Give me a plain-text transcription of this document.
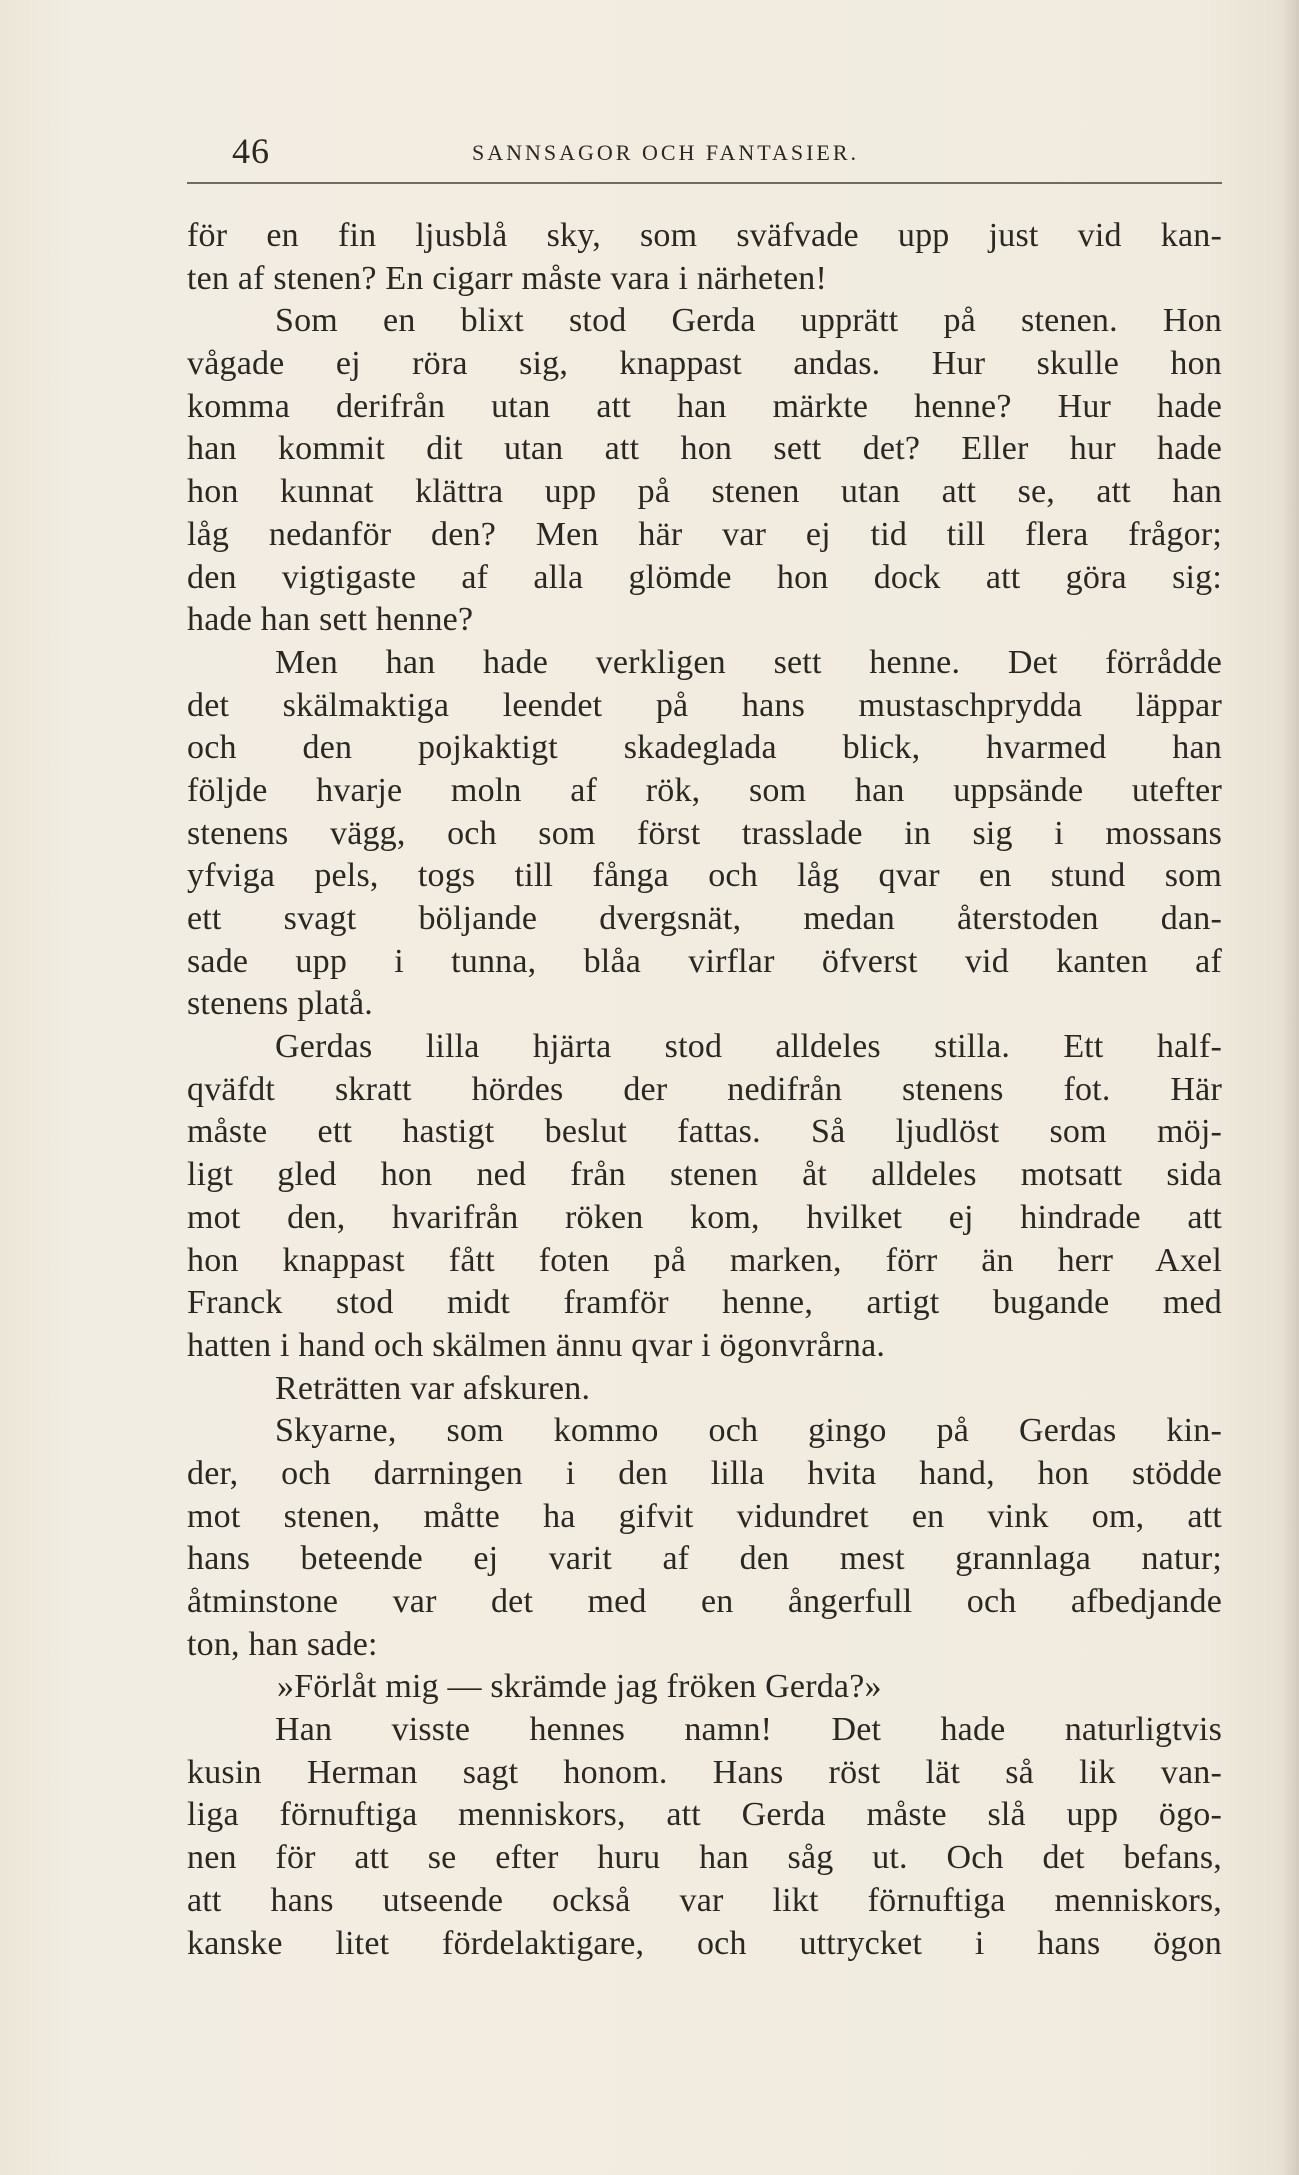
46	SANNSAGOR OCH FANTASIER.
för en fin ljusblå sky, som sväfvade upp just vid kan-
ten af stenen? En cigarr måste vara i närheten!
Som en blixt stod Gerda upprätt på stenen. Hon
vågade ej röra sig, knappast andas. Hur skulle hon
komma derifrån utan att han märkte henne? Hur hade
han kommit dit utan att hon sett det? Eller hur hade
hon kunnat klättra upp på stenen utan att se, att han
låg nedanför den? Men här var ej tid till flera frågor;
den vigtigaste af alla glömde hon dock att göra sig:
hade han sett henne?
Men han hade verkligen sett henne. Det förrådde
det skälmaktiga leendet på hans mustaschprydda läppar
och den pojkaktigt skadeglada blick, hvarmed han
följde hvarje moln af rök, som han uppsände utefter
stenens vägg, och som först trasslade in sig i mossans
yfviga pels, togs till fånga och låg qvar en stund som
ett svagt böljande dvergsnät, medan återstoden dan-
sade upp i tunna, blåa virflar öfverst vid kanten af
stenens platå.
Gerdas lilla hjärta stod alldeles stilla. Ett half-
qväfdt skratt hördes der nedifrån stenens fot. Här
måste ett hastigt beslut fattas. Så ljudlöst som möj-
ligt gled hon ned från stenen åt alldeles motsatt sida
mot den, hvarifrån röken kom, hvilket ej hindrade att
hon knappast fått foten på marken, förr än herr Axel
Franck stod midt framför henne, artigt bugande med
hatten i hand och skälmen ännu qvar i ögonvrårna.
Reträtten var afskuren.
Skyarne, som kommo och gingo på Gerdas kin-
der, och darrningen i den lilla hvita hand, hon stödde
mot stenen, måtte ha gifvit vidundret en vink om, att
hans beteende ej varit af den mest grannlaga natur;
åtminstone var det med en ångerfull och afbedjande
ton, han sade:
»Förlåt mig — skrämde jag fröken Gerda?»
Han visste hennes namn! Det hade naturligtvis
kusin Herman sagt honom. Hans röst lät så lik van-
liga förnuftiga menniskors, att Gerda måste slå upp ögo-
nen för att se efter huru han såg ut. Och det befans,
att hans utseende också var likt förnuftiga menniskors,
kanske litet fördelaktigare, och uttrycket i hans ögon
